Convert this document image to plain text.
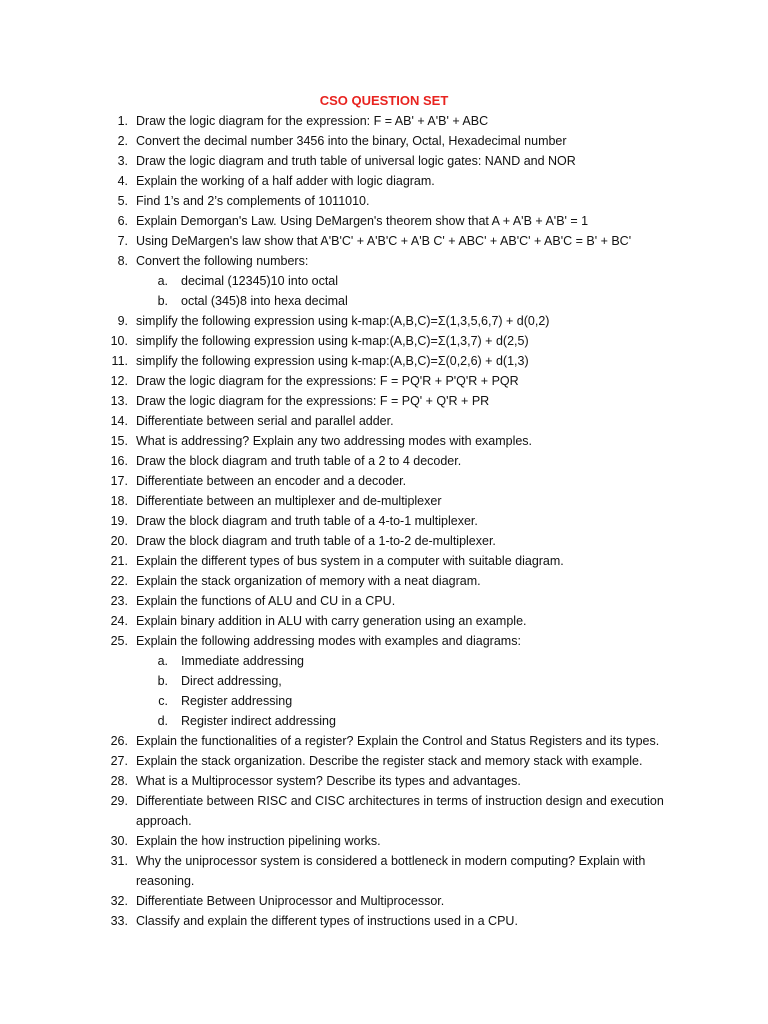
CSO QUESTION SET
1. Draw the logic diagram for the expression: F = AB' + A'B' + ABC
2. Convert the decimal number 3456 into the binary, Octal, Hexadecimal number
3. Draw the logic diagram and truth table of universal logic gates: NAND and NOR
4. Explain the working of a half adder with logic diagram.
5. Find 1’s and 2’s complements of 1011010.
6. Explain Demorgan's Law. Using DeMargen's theorem show that A + A'B + A'B' = 1
7. Using DeMargen's law show that A'B'C' + A'B'C + A'B C' + ABC' + AB'C' + AB'C = B' + BC'
8. Convert the following numbers:
a. decimal (12345)10 into octal
b. octal (345)8 into hexa decimal
9. simplify the following expression using k-map:(A,B,C)=Σ(1,3,5,6,7) + d(0,2)
10. simplify the following expression using k-map:(A,B,C)=Σ(1,3,7) + d(2,5)
11. simplify the following expression using k-map:(A,B,C)=Σ(0,2,6) + d(1,3)
12. Draw the logic diagram for the expressions: F = PQ'R + P'Q'R + PQR
13. Draw the logic diagram for the expressions: F = PQ' + Q'R + PR
14. Differentiate between serial and parallel adder.
15. What is addressing? Explain any two addressing modes with examples.
16. Draw the block diagram and truth table of a 2 to 4 decoder.
17. Differentiate between an encoder and a decoder.
18. Differentiate between an multiplexer and de-multiplexer
19. Draw the block diagram and truth table of a 4-to-1 multiplexer.
20. Draw the block diagram and truth table of a 1-to-2 de-multiplexer.
21. Explain the different types of bus system in a computer with suitable diagram.
22. Explain the stack organization of memory with a neat diagram.
23. Explain the functions of ALU and CU in a CPU.
24. Explain binary addition in ALU with carry generation using an example.
25. Explain the following addressing modes with examples and diagrams:
a. Immediate addressing
b. Direct addressing,
c. Register addressing
d. Register indirect addressing
26. Explain the functionalities of a register? Explain the Control and Status Registers and its types.
27. Explain the stack organization. Describe the register stack and memory stack with example.
28. What is a Multiprocessor system? Describe its types and advantages.
29. Differentiate between RISC and CISC architectures in terms of instruction design and execution
approach.
30. Explain the how instruction pipelining works.
31. Why the uniprocessor system is considered a bottleneck in modern computing? Explain with
reasoning.
32. Differentiate Between Uniprocessor and Multiprocessor.
33. Classify and explain the different types of instructions used in a CPU.
